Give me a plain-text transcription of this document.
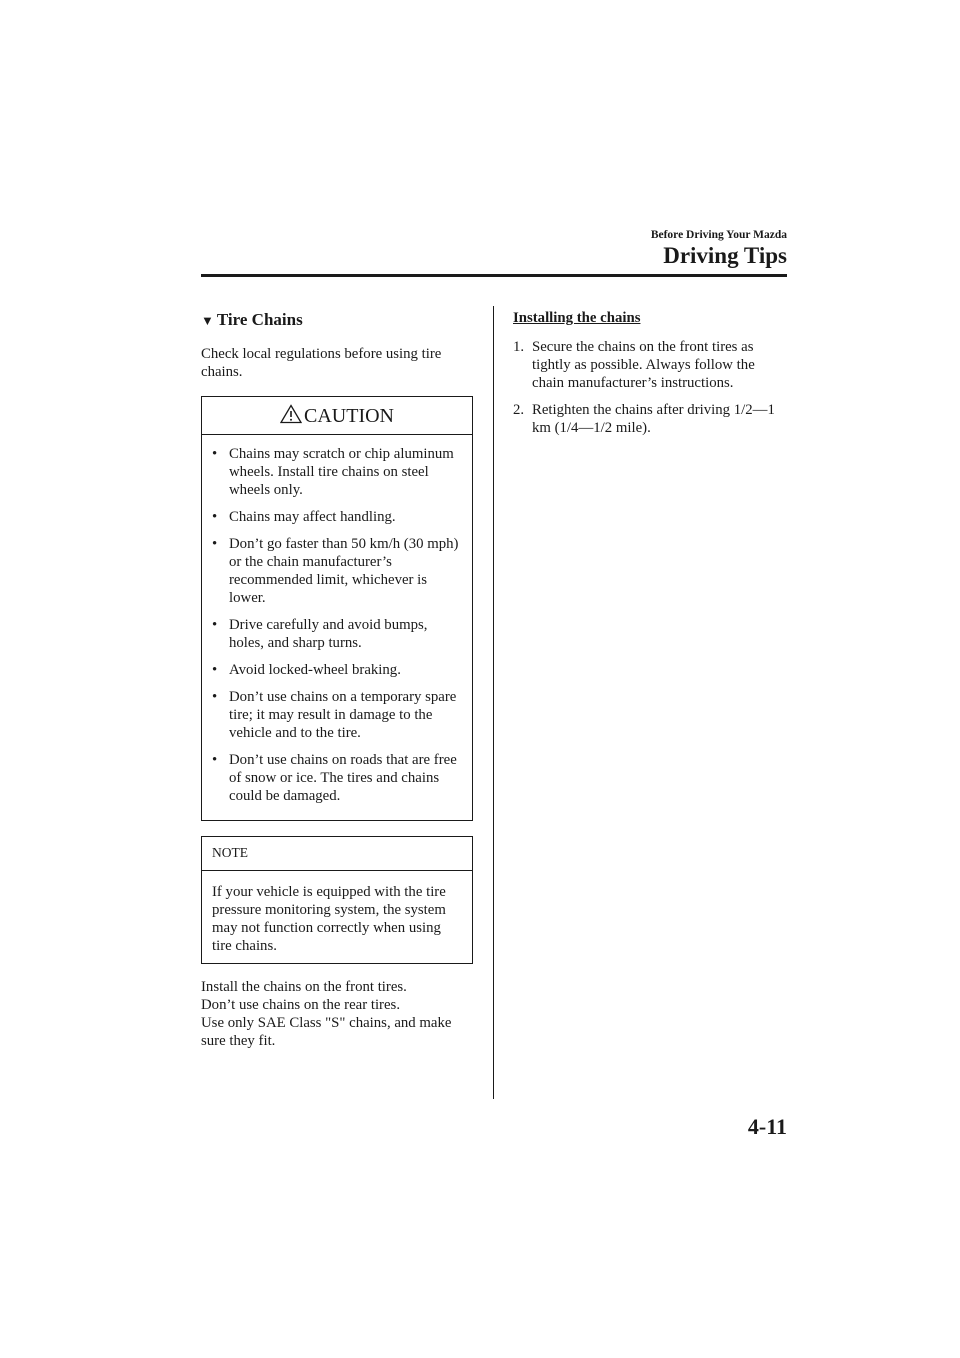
Before Driving Your Mazda
Driving Tips
▼ Tire Chains

Check local regulations before using tire chains.

CAUTION
• Chains may scratch or chip aluminum wheels. Install tire chains on steel wheels only.
• Chains may affect handling.
• Don’t go faster than 50 km/h (30 mph) or the chain manufacturer’s recommended limit, whichever is lower.
• Drive carefully and avoid bumps, holes, and sharp turns.
• Avoid locked-wheel braking.
• Don’t use chains on a temporary spare tire; it may result in damage to the vehicle and to the tire.
• Don’t use chains on roads that are free of snow or ice. The tires and chains could be damaged.
NOTE
If your vehicle is equipped with the tire pressure monitoring system, the system may not function correctly when using tire chains.

Install the chains on the front tires.

Don’t use chains on the rear tires.

Use only SAE Class "S" chains, and make sure they fit.

Installing the chains
1. Secure the chains on the front tires as tightly as possible. Always follow the chain manufacturer’s instructions.
2. Retighten the chains after driving 1/2—1 km (1/4—1/2 mile).
4-11
